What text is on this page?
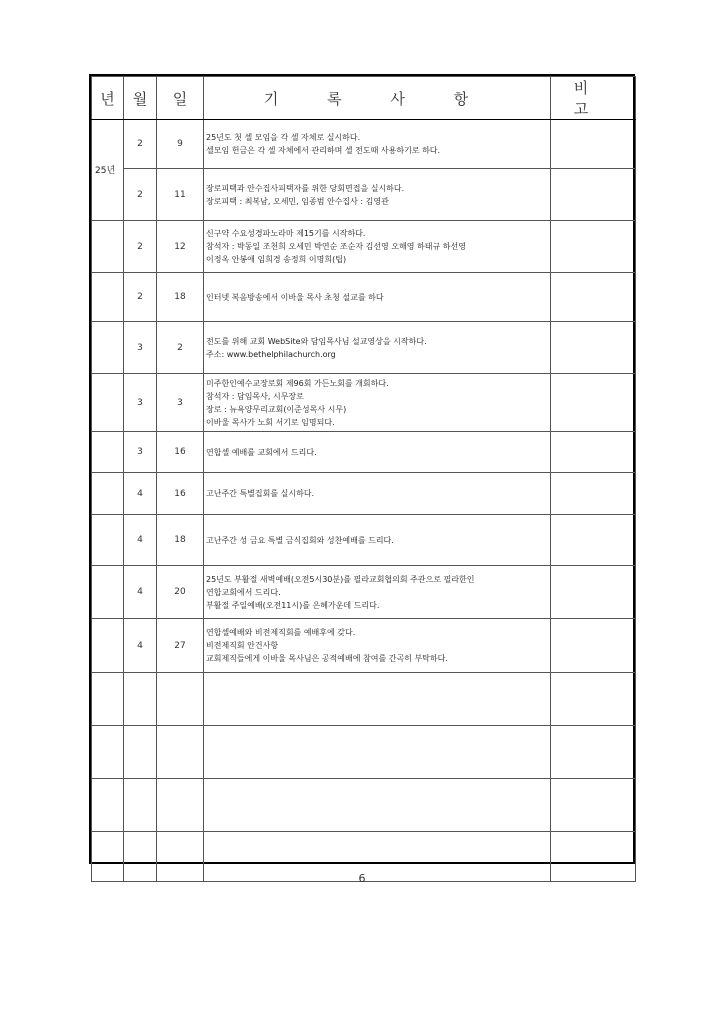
년	월	일	기 록 사 항	비 고

25년	2	9	25년도 첫 셀 모임을 각 셀 자체로 실시하다.
셀모임 헌금은 각 셀 자체에서 관리하며 셀 전도때 사용하기로 하다.	

	2	11	장로피택과 안수집사피택자를 위한 당회면접을 실시하다.
장로피택 : 최복남, 오세민, 임종범 안수집사 : 김영관	

	2	12	신구약 수요성경파노라마 제15기를 시작하다.
참석자 : 박동일 조천희 오세민 박연순 조순자 김선영 오해영 하태규 하선영
이정옥 안봉애 임희경 송정희 이명희(팁)	

	2	18	인터넷 복음방송에서 이바울 목사 초청 설교를 하다	

	3	2	전도를 위해 교회 WebSite와 담임목사님 설교영상을 시작하다.
주소: www.bethelphilachurch.org	

	3	3	미주한인예수교장로회 제96회 가든노회를 개회하다.
참석자 : 담임목사, 시무장로
장로 : 뉴욕양무리교회(이준성목사 시무)
이바울 목사가 노회 서기로 임명되다.	

	3	16	연합셀 예배를 교회에서 드리다.	

	4	16	고난주간 특별집회를 실시하다.	

	4	18	고난주간 성 금요 특별 금식집회와 성찬예배를 드리다.	

	4	20	25년도 부활절 새벽예배(오전5시30분)를 필라교회협의회 주관으로 필라한인
연합교회에서 드리다.
부활절 주일예배(오전11시)를 은혜가운데 드리다.	

	4	27	연합셀예배와 비전제직회를 예배후에 갖다.
비전제직회 안건사항
교회제직들에게 이바울 목사님은 공적예배에 참여를 간곡히 부탁하다.	

6
